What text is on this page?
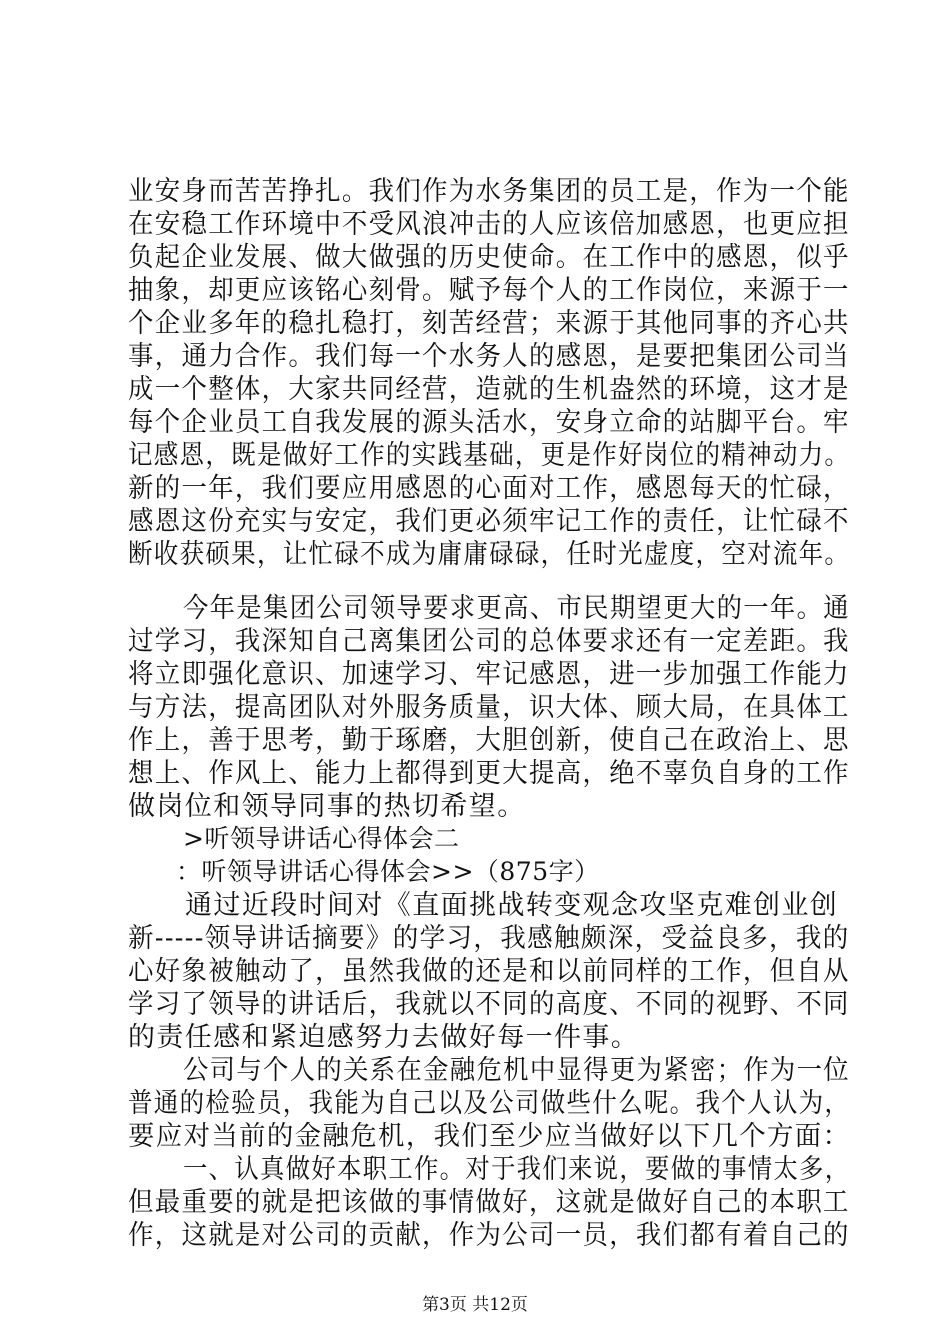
业安身而苦苦挣扎。我们作为水务集团的员工是，作为一个能
在安稳工作环境中不受风浪冲击的人应该倍加感恩，也更应担
负起企业发展、做大做强的历史使命。在工作中的感恩，似乎
抽象，却更应该铭心刻骨。赋予每个人的工作岗位，来源于一
个企业多年的稳扎稳打，刻苦经营；来源于其他同事的齐心共
事，通力合作。我们每一个水务人的感恩，是要把集团公司当
成一个整体，大家共同经营，造就的生机盎然的环境，这才是
每个企业员工自我发展的源头活水，安身立命的站脚平台。牢
记感恩，既是做好工作的实践基础，更是作好岗位的精神动力。
新的一年，我们要应用感恩的心面对工作，感恩每天的忙碌，
感恩这份充实与安定，我们更必须牢记工作的责任，让忙碌不
断收获硕果，让忙碌不成为庸庸碌碌，任时光虚度，空对流年。
今年是集团公司领导要求更高、市民期望更大的一年。通
过学习，我深知自己离集团公司的总体要求还有一定差距。我
将立即强化意识、加速学习、牢记感恩，进一步加强工作能力
与方法，提高团队对外服务质量，识大体、顾大局，在具体工
作上，善于思考，勤于琢磨，大胆创新，使自己在政治上、思
想上、作风上、能力上都得到更大提高，绝不辜负自身的工作
做岗位和领导同事的热切希望。
>听领导讲话心得体会二
：听领导讲话心得体会>>（875字）
通过近段时间对《直面挑战转变观念攻坚克难创业创
新-----领导讲话摘要》的学习，我感触颇深，受益良多，我的
心好象被触动了，虽然我做的还是和以前同样的工作，但自从
学习了领导的讲话后，我就以不同的高度、不同的视野、不同
的责任感和紧迫感努力去做好每一件事。
公司与个人的关系在金融危机中显得更为紧密；作为一位
普通的检验员，我能为自己以及公司做些什么呢。我个人认为，
要应对当前的金融危机，我们至少应当做好以下几个方面：
一、认真做好本职工作。对于我们来说，要做的事情太多，
但最重要的就是把该做的事情做好，这就是做好自己的本职工
作，这就是对公司的贡献，作为公司一员，我们都有着自己的
第3页 共12页
